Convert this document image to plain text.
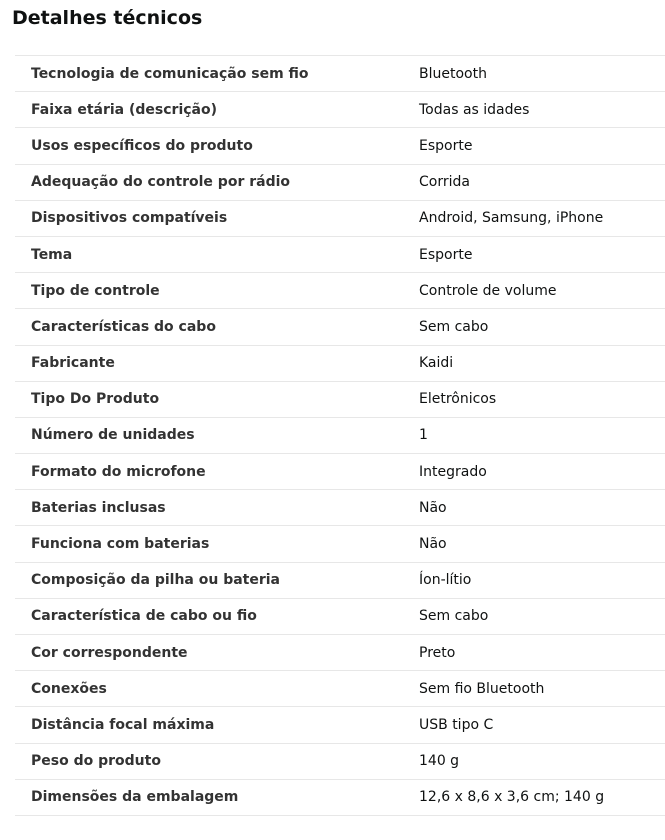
Detalhes técnicos
Tecnologia de comunicação sem fio	Bluetooth
Faixa etária (descrição)	Todas as idades
Usos específicos do produto	Esporte
Adequação do controle por rádio	Corrida
Dispositivos compatíveis	Android, Samsung, iPhone
Tema	Esporte
Tipo de controle	Controle de volume
Características do cabo	Sem cabo
Fabricante	Kaidi
Tipo Do Produto	Eletrônicos
Número de unidades	1
Formato do microfone	Integrado
Baterias inclusas	Não
Funciona com baterias	Não
Composição da pilha ou bateria	Íon-lítio
Característica de cabo ou fio	Sem cabo
Cor correspondente	Preto
Conexões	Sem fio Bluetooth
Distância focal máxima	USB tipo C
Peso do produto	140 g
Dimensões da embalagem	12,6 x 8,6 x 3,6 cm; 140 g
